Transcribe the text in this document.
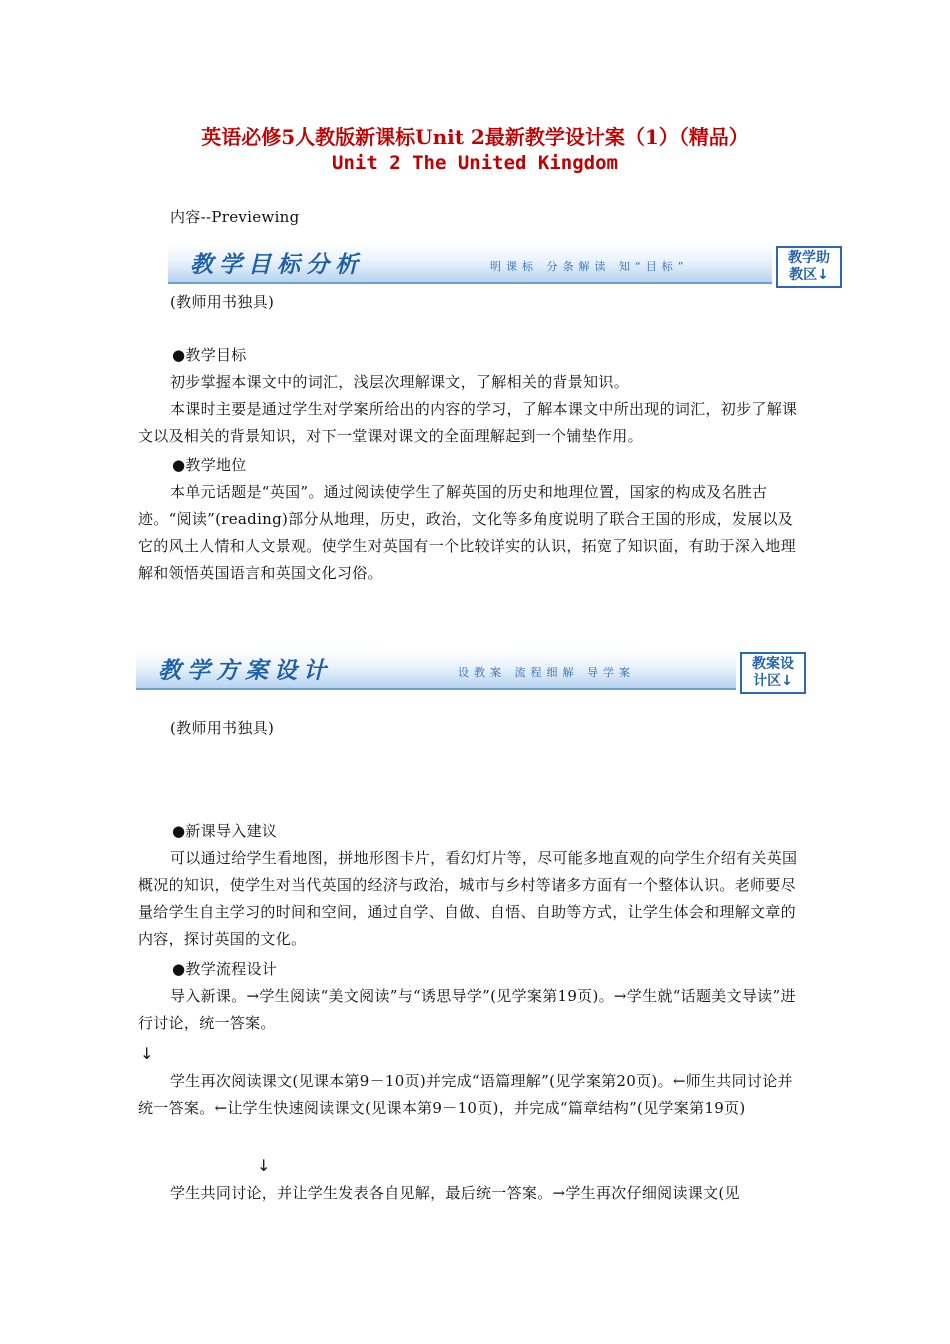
英语必修5人教版新课标Unit 2最新教学设计案（1）（精品）
Unit 2 The United Kingdom
内容--Previewing
教学目标分析	明课标 分条解读 知“目标”
教学助
教区↓
(教师用书独具)
●教学目标
初步掌握本课文中的词汇，浅层次理解课文，了解相关的背景知识。
本课时主要是通过学生对学案所给出的内容的学习，了解本课文中所出现的词汇，初步了解课文以及相关的背景知识，对下一堂课对课文的全面理解起到一个铺垫作用。
●教学地位
本单元话题是“英国”。通过阅读使学生了解英国的历史和地理位置，国家的构成及名胜古迹。“阅读”(reading)部分从地理，历史，政治，文化等多角度说明了联合王国的形成，发展以及它的风土人情和人文景观。使学生对英国有一个比较详实的认识，拓宽了知识面，有助于深入地理解和领悟英国语言和英国文化习俗。
教学方案设计	设教案 流程细解 导学案
教案设
计区↓
(教师用书独具)
●新课导入建议
可以通过给学生看地图，拼地形图卡片，看幻灯片等，尽可能多地直观的向学生介绍有关英国概况的知识，使学生对当代英国的经济与政治，城市与乡村等诸多方面有一个整体认识。老师要尽量给学生自主学习的时间和空间，通过自学、自做、自悟、自助等方式，让学生体会和理解文章的内容，探讨英国的文化。
●教学流程设计
导入新课。→学生阅读“美文阅读”与“诱思导学”(见学案第19页)。→学生就“话题美文导读”进行讨论，统一答案。
↓
学生再次阅读课文(见课本第9－10页)并完成“语篇理解”(见学案第20页)。←师生共同讨论并统一答案。←让学生快速阅读课文(见课本第9－10页)，并完成“篇章结构”(见学案第19页)
↓
学生共同讨论，并让学生发表各自见解，最后统一答案。→学生再次仔细阅读课文(见
